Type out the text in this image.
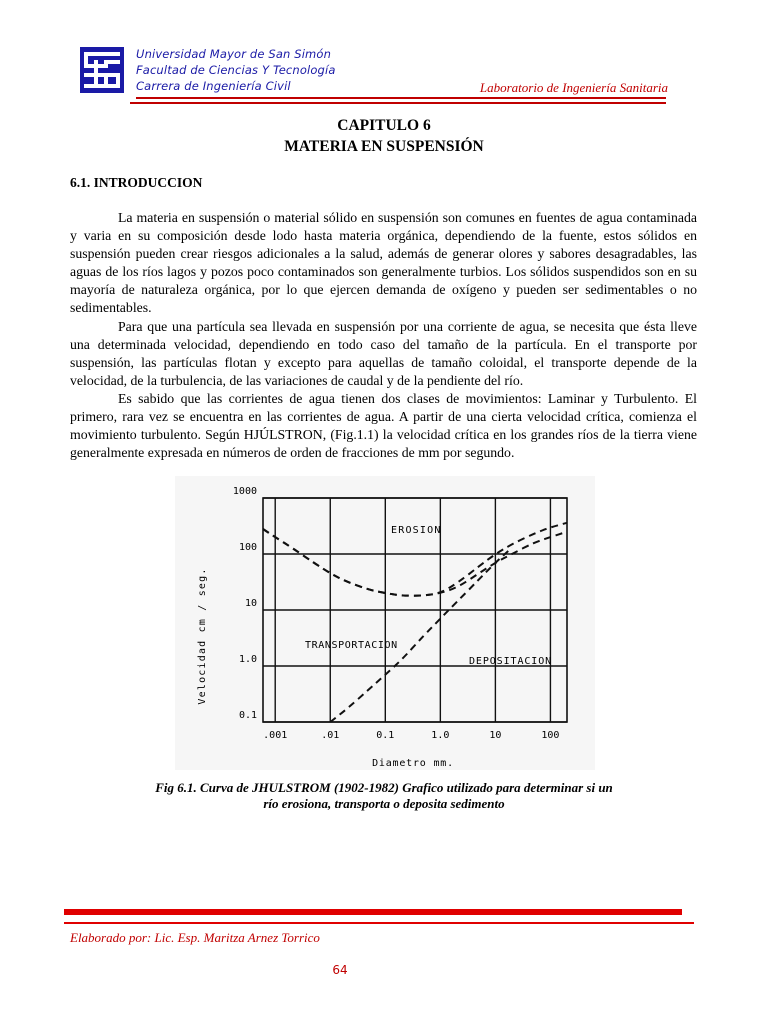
Universidad Mayor de San Simón
Facultad de Ciencias Y Tecnología
Carrera de Ingeniería Civil	Laboratorio de Ingeniería Sanitaria
CAPITULO 6
MATERIA EN SUSPENSIÓN
6.1. INTRODUCCION

La materia en suspensión o material sólido en suspensión son comunes en fuentes de agua contaminada y varia en su composición desde lodo hasta materia orgánica, dependiendo de la fuente, estos sólidos en suspensión pueden crear riesgos adicionales a la salud, además de generar olores y sabores desagradables, las aguas de los ríos lagos y pozos poco contaminados son generalmente turbios. Los sólidos suspendidos son en su mayoría de naturaleza orgánica, por lo que ejercen demanda de oxígeno y pueden ser sedimentables o no sedimentables.

Para que una partícula sea llevada en suspensión por una corriente de agua, se necesita que ésta lleve una determinada velocidad, dependiendo en todo caso del tamaño de la partícula. En el transporte por suspensión, las partículas flotan y excepto para aquellas de tamaño coloidal, el transporte depende de la velocidad, de la turbulencia, de las variaciones de caudal y de la pendiente del río.

Es sabido que las corrientes de agua tienen dos clases de movimientos: Laminar y Turbulento. El primero, rara vez se encuentra en las corrientes de agua. A partir de una cierta velocidad crítica, comienza el movimiento turbulento. Según HJÚLSTRON, (Fig.1.1) la velocidad crítica en los grandes ríos de la tierra viene generalmente expresada en números de orden de fracciones de mm por segundo.

.001	.01	0.1	1.0	10	100
1000
100
10
1.0
0.1
EROSION
TRANSPORTACION
DEPOSITACION
Velocidad cm / seg.
Diametro mm.
Fig 6.1. Curva de JHULSTROM (1902-1982) Grafico utilizado para determinar si un
río erosiona, transporta o deposita sedimento
Elaborado por: Lic. Esp. Maritza Arnez Torrico
64
